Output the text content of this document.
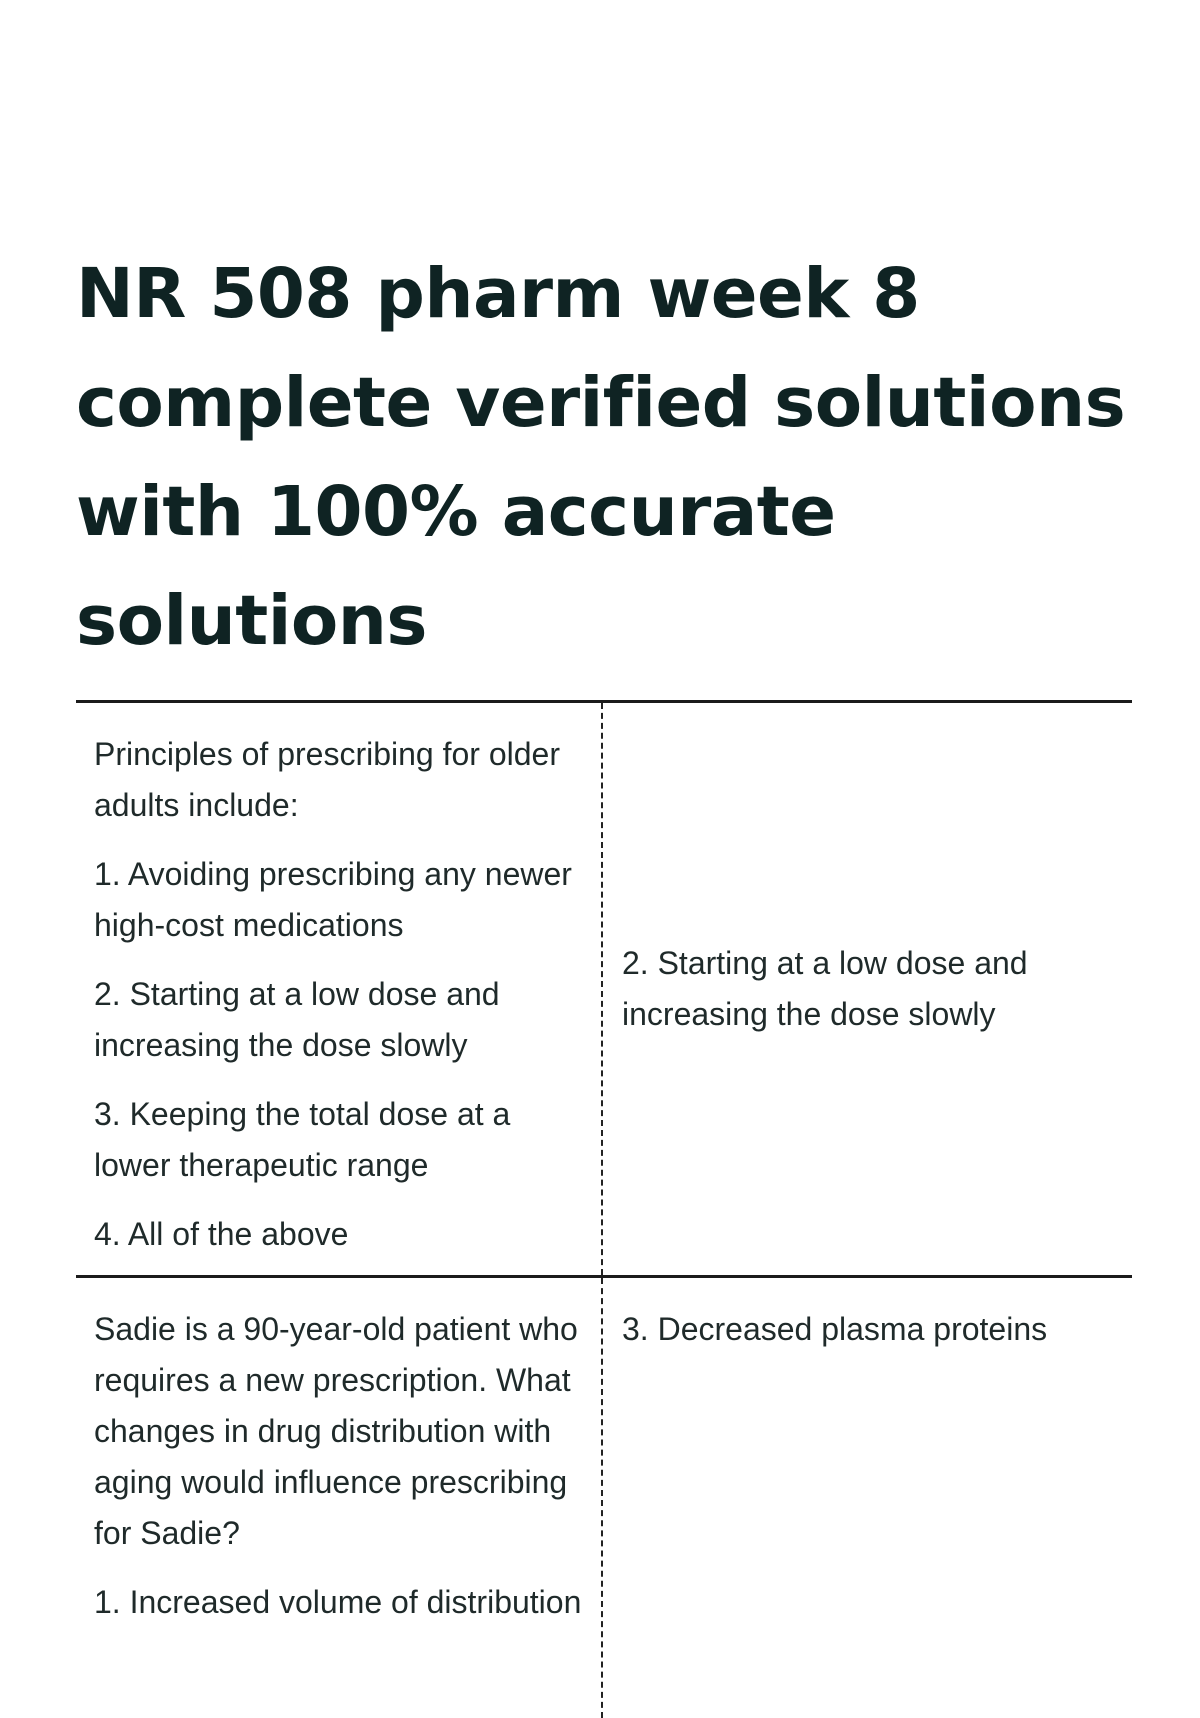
NR 508 pharm week 8
complete verified solutions
with 100% accurate
solutions

Principles of prescribing for older adults include:

1. Avoiding prescribing any newer high-cost medications

2. Starting at a low dose and increasing the dose slowly

3. Keeping the total dose at a lower therapeutic range

4. All of the above

2. Starting at a low dose and increasing the dose slowly

Sadie is a 90-year-old patient who requires a new prescription. What changes in drug distribution with aging would influence prescribing for Sadie?

1. Increased volume of distribution

3. Decreased plasma proteins
